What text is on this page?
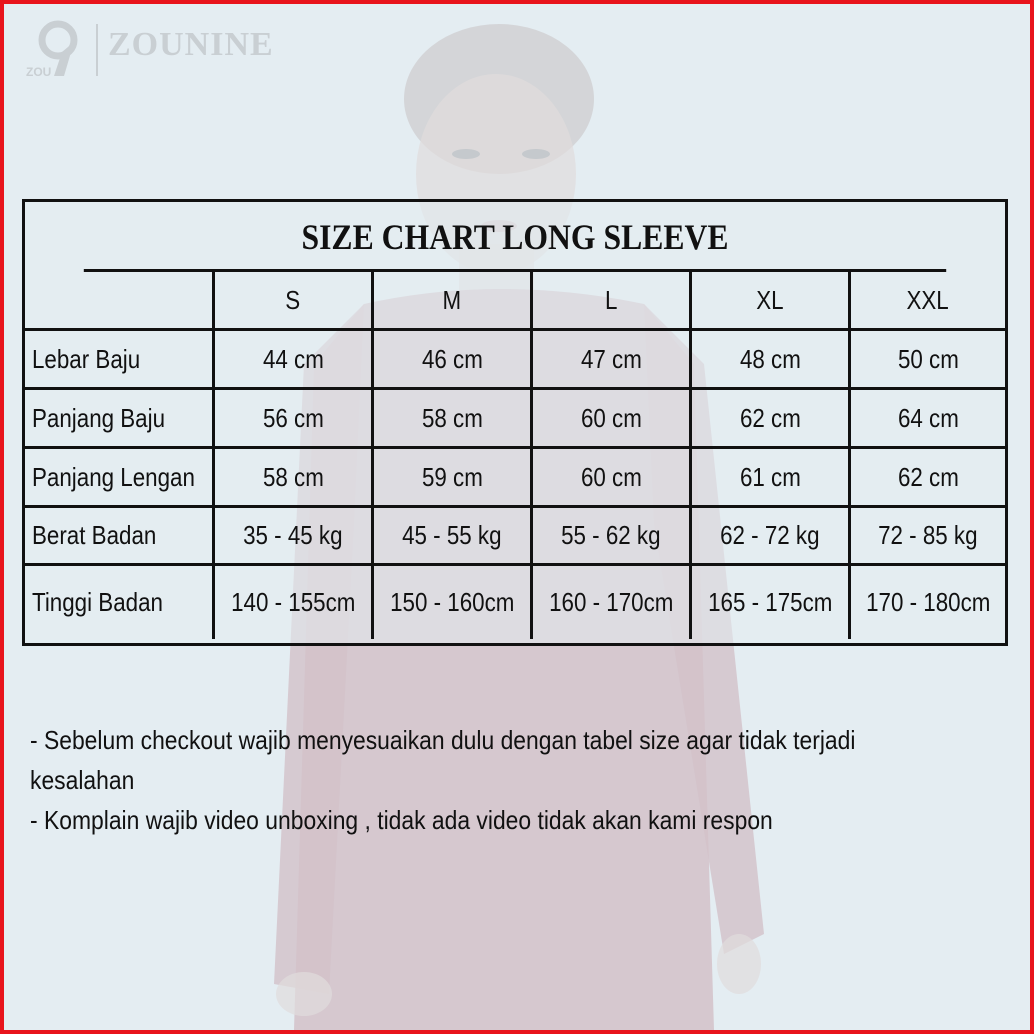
ZOU
ZOUNINE
SIZE CHART LONG SLEEVE
S	M	L	XL	XXL
Lebar Baju	44 cm	46 cm	47 cm	48 cm	50 cm
Panjang Baju	56 cm	58 cm	60 cm	62 cm	64 cm
Panjang Lengan	58 cm	59 cm	60 cm	61 cm	62 cm
Berat Badan	35 - 45 kg 45 - 55 kg 55 - 62 kg 62 - 72 kg 72 - 85 kg
Tinggi Badan	140 - 155cm 150 - 160cm 160 - 170cm 165 - 175cm 170 - 180cm

- Sebelum checkout wajib menyesuaikan dulu dengan tabel size agar tidak terjadi

kesalahan

- Komplain wajib video unboxing , tidak ada video tidak akan kami respon
